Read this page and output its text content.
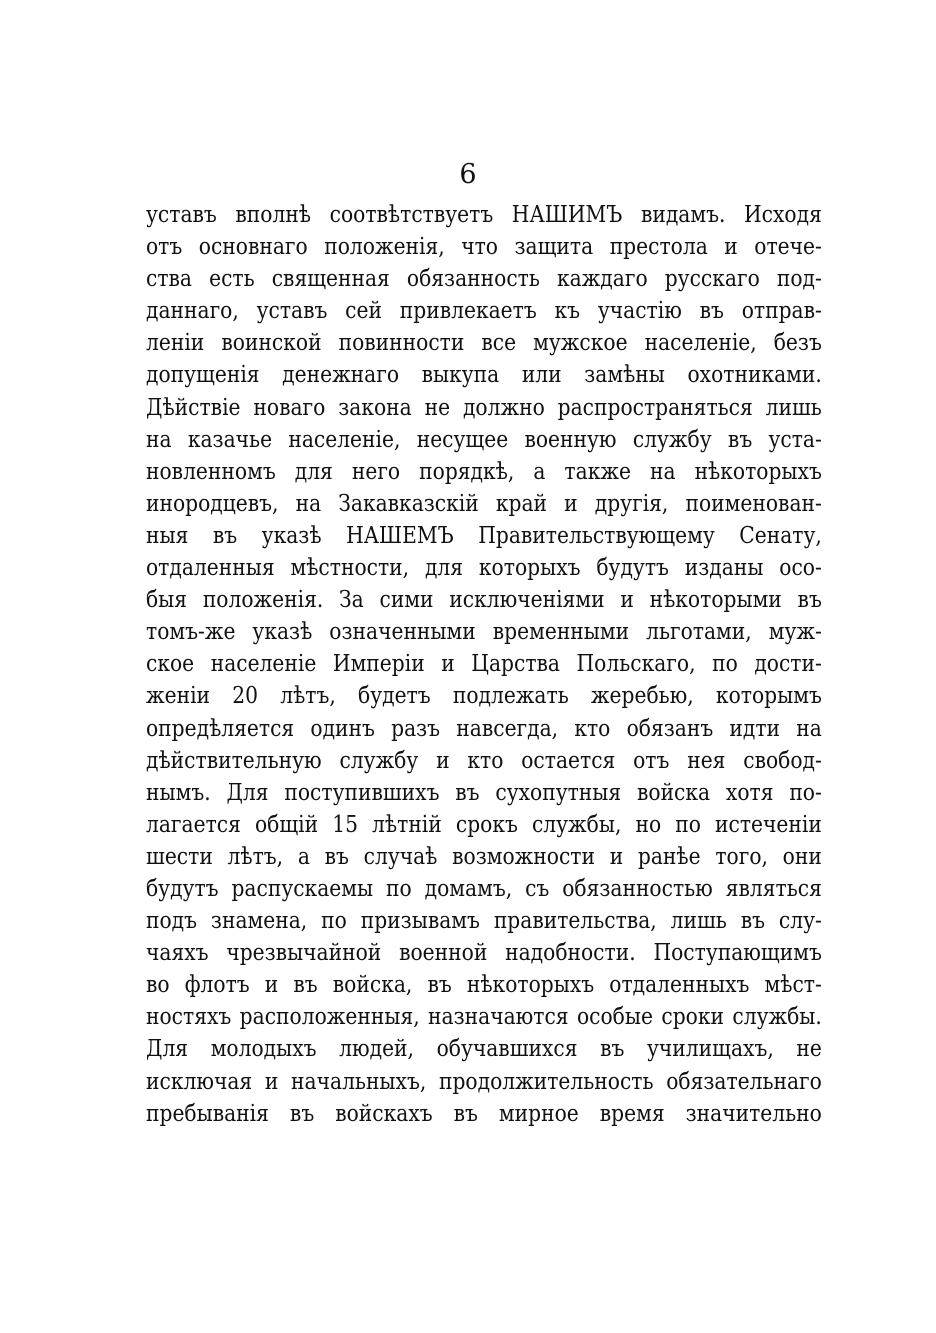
6
уставъ вполнѣ соотвѣтствуетъ НАШИМЪ видамъ. Исходя
отъ основнаго положенія, что защита престола и отече-
ства есть священная обязанность каждаго русскаго под-
даннаго, уставъ сей привлекаетъ къ участію въ отправ-
леніи воинской повинности все мужское населеніе, безъ
допущенія денежнаго выкупа или замѣны охотниками.
Дѣйствіе новаго закона не должно распространяться лишь
на казачье населеніе, несущее военную службу въ уста-
новленномъ для него порядкѣ, а также на нѣкоторыхъ
инородцевъ, на Закавказскій край и другія, поименован-
ныя въ указѣ НАШЕМЪ Правительствующему Сенату,
отдаленныя мѣстности, для которыхъ будутъ изданы осо-
быя положенія. За сими исключеніями и нѣкоторыми въ
томъ-же указѣ означенными временными льготами, муж-
ское населеніе Имперіи и Царства Польскаго, по дости-
женіи 20 лѣтъ, будетъ подлежать жеребью, которымъ
опредѣляется одинъ разъ навсегда, кто обязанъ идти на
дѣйствительную службу и кто остается отъ нея свобод-
нымъ. Для поступившихъ въ сухопутныя войска хотя по-
лагается общій 15 лѣтній срокъ службы, но по истеченіи
шести лѣтъ, а въ случаѣ возможности и ранѣе того, они
будутъ распускаемы по домамъ, съ обязанностью являться
подъ знамена, по призывамъ правительства, лишь въ слу-
чаяхъ чрезвычайной военной надобности. Поступающимъ
во флотъ и въ войска, въ нѣкоторыхъ отдаленныхъ мѣст-
ностяхъ расположенныя, назначаются особые сроки службы.
Для молодыхъ людей, обучавшихся въ училищахъ, не
исключая и начальныхъ, продолжительность обязательнаго
пребыванія въ войскахъ въ мирное время значительно
